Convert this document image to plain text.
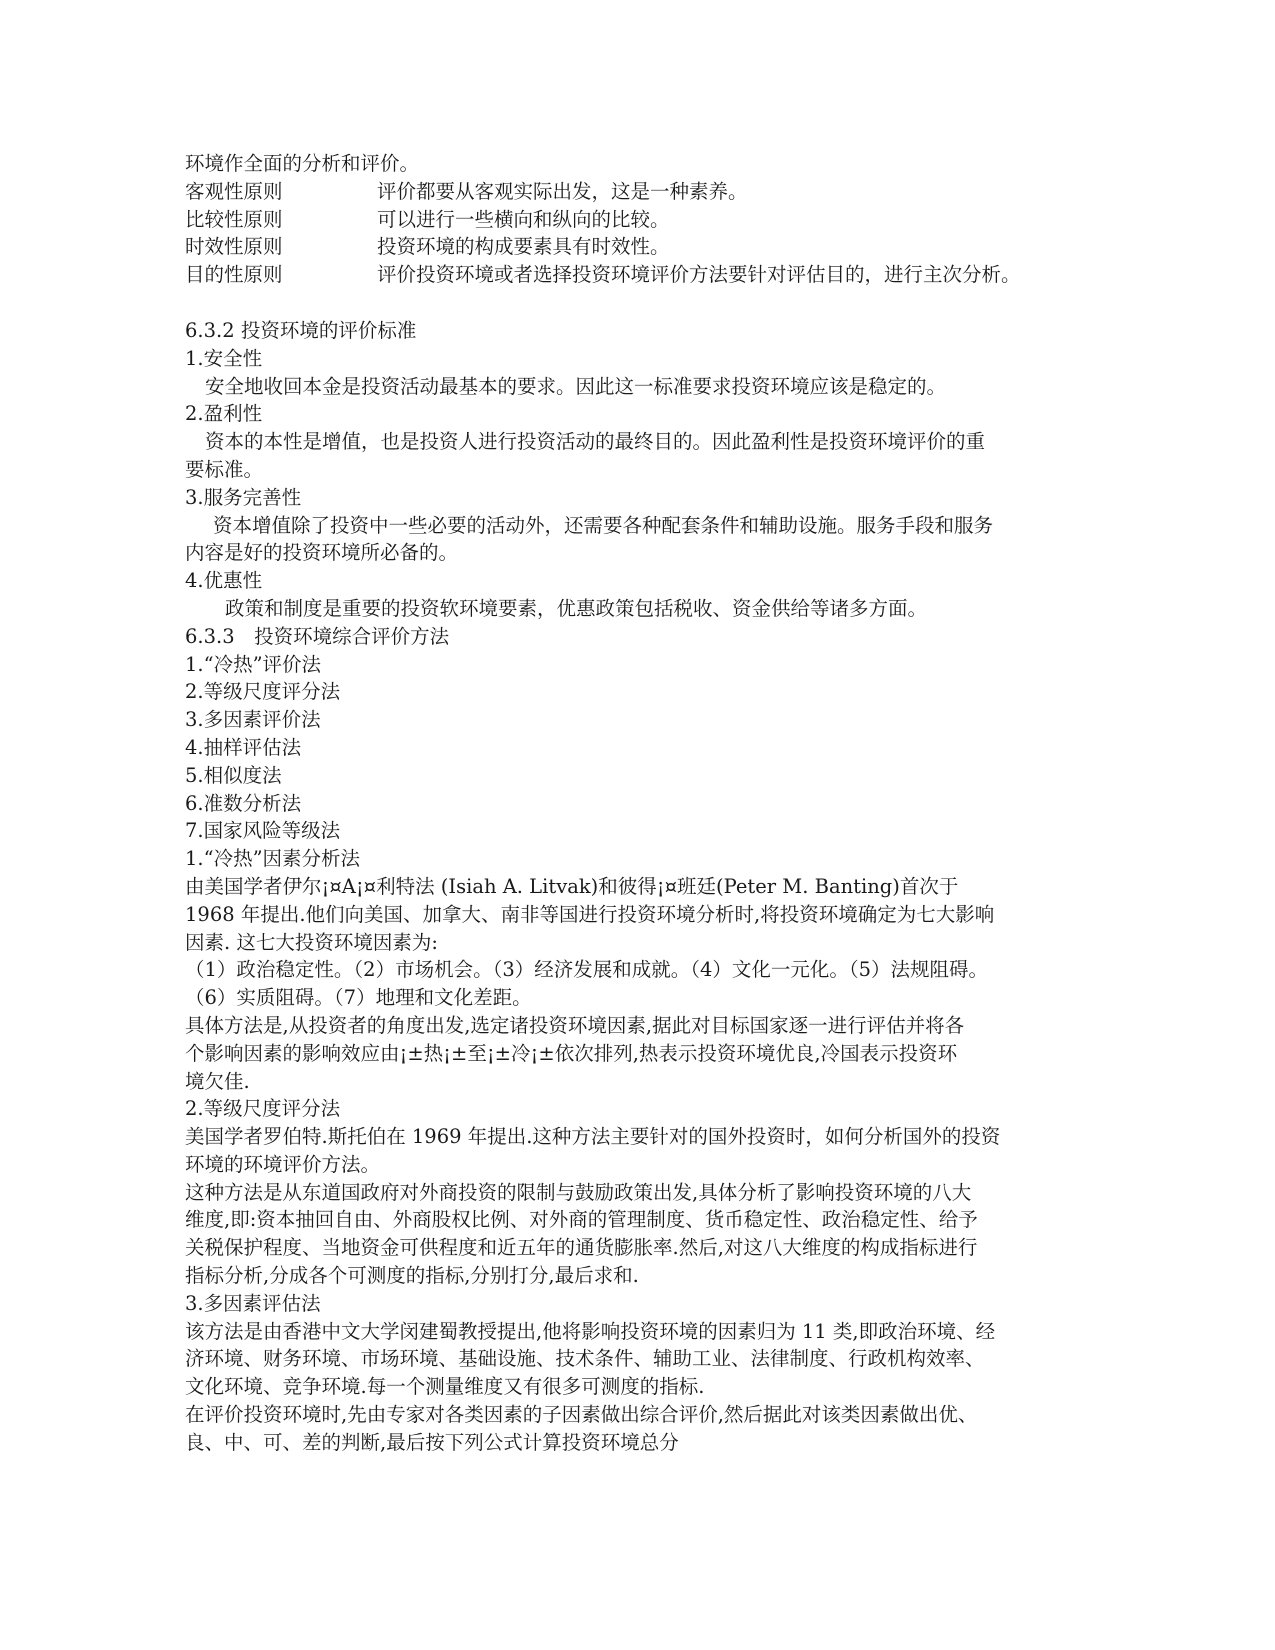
环境作全面的分析和评价。
客观性原则	评价都要从客观实际出发，这是一种素养。
比较性原则	可以进行一些横向和纵向的比较。
时效性原则	投资环境的构成要素具有时效性。
目的性原则	评价投资环境或者选择投资环境评价方法要针对评估目的，进行主次分析。
6.3.2 投资环境的评价标准
1.安全性
安全地收回本金是投资活动最基本的要求。因此这一标准要求投资环境应该是稳定的。
2.盈利性
资本的本性是增值，也是投资人进行投资活动的最终目的。因此盈利性是投资环境评价的重
要标准。
3.服务完善性
资本增值除了投资中一些必要的活动外，还需要各种配套条件和辅助设施。服务手段和服务
内容是好的投资环境所必备的。
4.优惠性
政策和制度是重要的投资软环境要素，优惠政策包括税收、资金供给等诸多方面。
6.3.3　投资环境综合评价方法
1.“冷热”评价法
2.等级尺度评分法
3.多因素评价法
4.抽样评估法
5.相似度法
6.准数分析法
7.国家风险等级法
1.“冷热”因素分析法
由美国学者伊尔¡¤A¡¤利特法 (Isiah A. Litvak)和彼得¡¤班廷(Peter M. Banting)首次于
1968 年提出.他们向美国、加拿大、南非等国进行投资环境分析时,将投资环境确定为七大影响
因素. 这七大投资环境因素为:
（1）政治稳定性。（2）市场机会。（3）经济发展和成就。（4）文化一元化。（5）法规阻碍。
（6）实质阻碍。（7）地理和文化差距。
具体方法是,从投资者的角度出发,选定诸投资环境因素,据此对目标国家逐一进行评估并将各
个影响因素的影响效应由¡±热¡±至¡±冷¡±依次排列,热表示投资环境优良,冷国表示投资环
境欠佳.
2.等级尺度评分法
美国学者罗伯特.斯托伯在 1969 年提出.这种方法主要针对的国外投资时，如何分析国外的投资
环境的环境评价方法。
这种方法是从东道国政府对外商投资的限制与鼓励政策出发,具体分析了影响投资环境的八大
维度,即:资本抽回自由、外商股权比例、对外商的管理制度、货币稳定性、政治稳定性、给予
关税保护程度、当地资金可供程度和近五年的通货膨胀率.然后,对这八大维度的构成指标进行
指标分析,分成各个可测度的指标,分别打分,最后求和.
3.多因素评估法
该方法是由香港中文大学闵建蜀教授提出,他将影响投资环境的因素归为 11 类,即政治环境、经
济环境、财务环境、市场环境、基础设施、技术条件、辅助工业、法律制度、行政机构效率、
文化环境、竞争环境.每一个测量维度又有很多可测度的指标.
在评价投资环境时,先由专家对各类因素的子因素做出综合评价,然后据此对该类因素做出优、
良、中、可、差的判断,最后按下列公式计算投资环境总分
